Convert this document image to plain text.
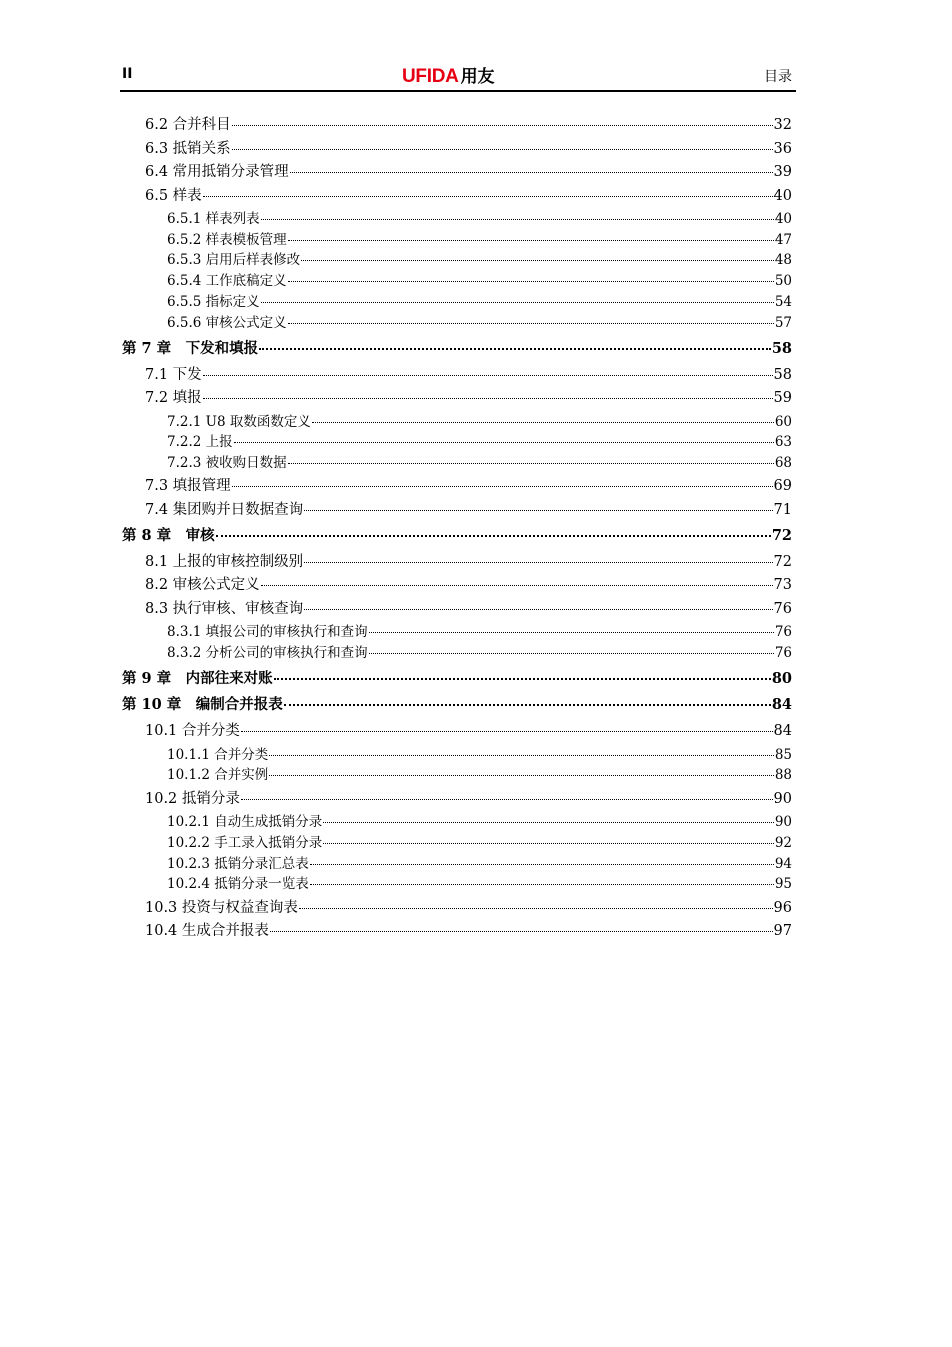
II	UFIDA 用友	目录
6.2 合并科目	32
6.3 抵销关系	36
6.4 常用抵销分录管理	39
6.5 样表	40
6.5.1 样表列表	40
6.5.2 样表模板管理	47
6.5.3 启用后样表修改	48
6.5.4 工作底稿定义	50
6.5.5 指标定义	54
6.5.6 审核公式定义	57
第 7 章　下发和填报	58
7.1 下发	58
7.2 填报	59
7.2.1 U8 取数函数定义	60
7.2.2 上报	63
7.2.3 被收购日数据	68
7.3 填报管理	69
7.4 集团购并日数据查询	71
第 8 章　审核	72
8.1 上报的审核控制级别	72
8.2 审核公式定义	73
8.3 执行审核、审核查询	76
8.3.1 填报公司的审核执行和查询	76
8.3.2 分析公司的审核执行和查询	76
第 9 章　内部往来对账	80
第 10 章　编制合并报表	84
10.1 合并分类	84
10.1.1 合并分类	85
10.1.2 合并实例	88
10.2 抵销分录	90
10.2.1 自动生成抵销分录	90
10.2.2 手工录入抵销分录	92
10.2.3 抵销分录汇总表	94
10.2.4 抵销分录一览表	95
10.3 投资与权益查询表	96
10.4 生成合并报表	97
